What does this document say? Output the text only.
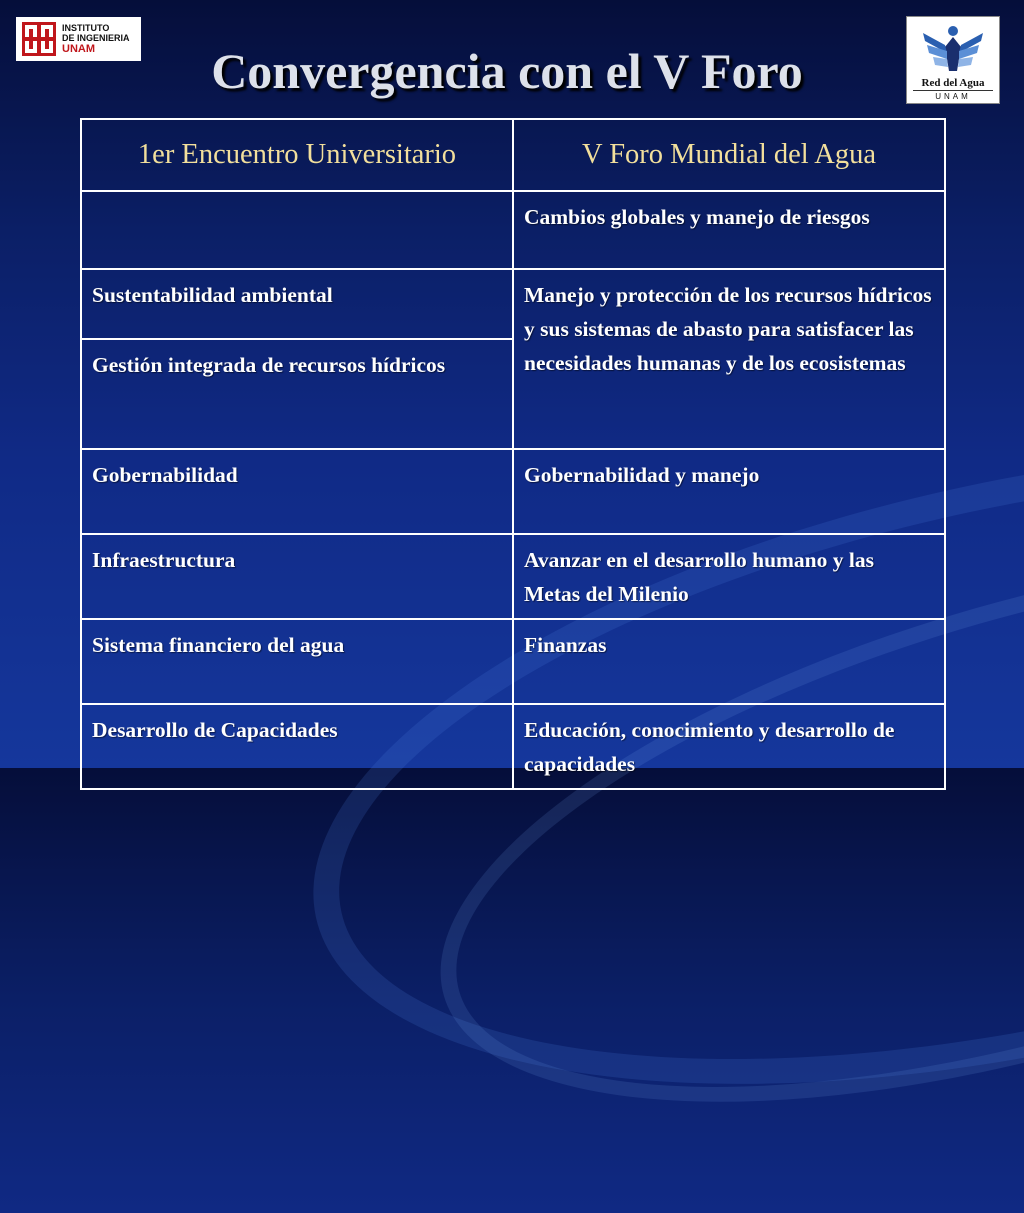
INSTITUTO
DE INGENIERIA
UNAM
Red del Agua
UNAM
Convergencia con el V Foro
1er Encuentro Universitario	V Foro Mundial del Agua
	Cambios globales y manejo de riesgos
Sustentabilidad ambiental	Manejo y protección de los recursos hídricos y sus sistemas de abasto para satisfacer las necesidades humanas y de los ecosistemas
Gestión integrada de recursos hídricos	
Gobernabilidad	Gobernabilidad y manejo
Infraestructura	Avanzar en el desarrollo humano y las Metas del Milenio
Sistema financiero del agua	Finanzas
Desarrollo de Capacidades	Educación, conocimiento y desarrollo de capacidades
